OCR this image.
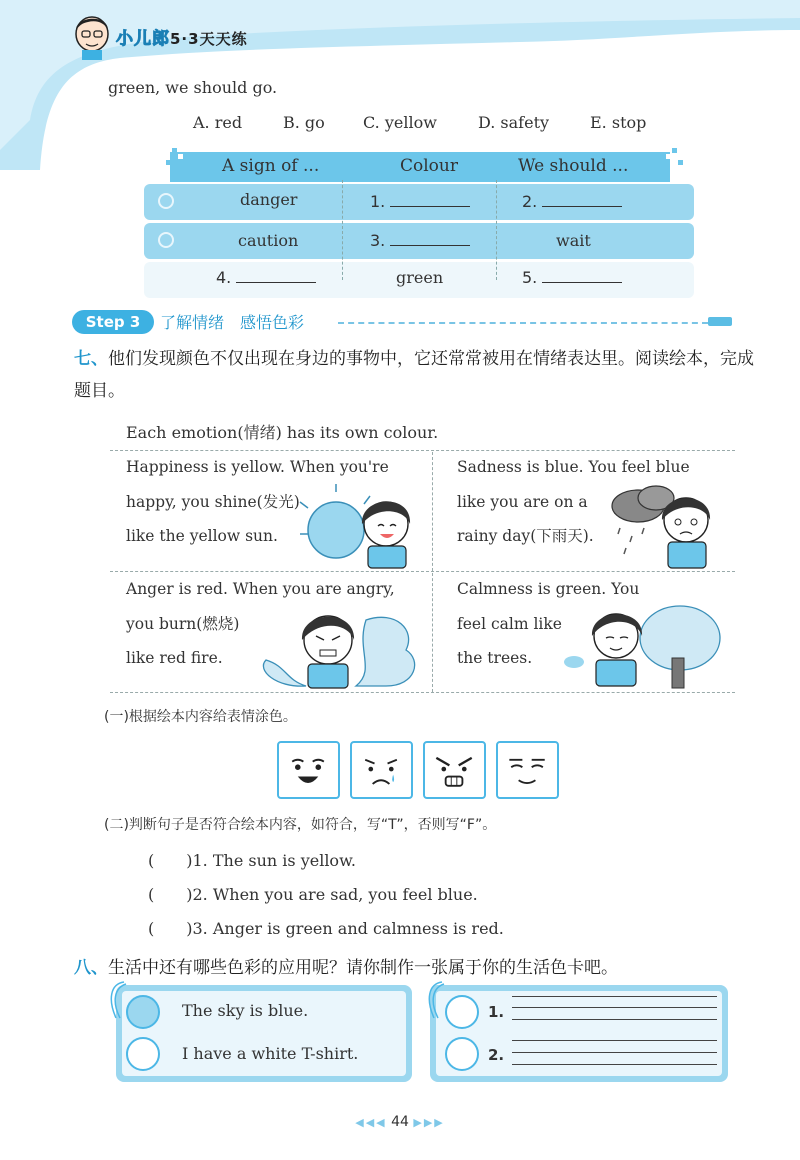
小儿郎5·3天天练
green, we should go.
A. red	B. go	C. yellow	D. safety	E. stop
A sign of ...	Colour	We should ...
danger	1.	2.
caution	3.	wait
4.	green	5.
Step 3	了解情绪　感悟色彩
七、他们发现颜色不仅出现在身边的事物中，它还常常被用在情绪表达里。阅读绘本，完成题目。
Each emotion(情绪) has its own colour.
Happiness is yellow. When you're
happy, you shine(发光)
like the yellow sun.
Sadness is blue. You feel blue
like you are on a
rainy day(下雨天).
Anger is red. When you are angry,
you burn(燃烧)
like red fire.
Calmness is green. You
feel calm like
the trees.
(一)根据绘本内容给表情涂色。
(二)判断句子是否符合绘本内容，如符合，写“T”，否则写“F”。
(　　)1. The sun is yellow.
(　　)2. When you are sad, you feel blue.
(　　)3. Anger is green and calmness is red.
八、生活中还有哪些色彩的应用呢？请你制作一张属于你的生活色卡吧。
The sky is blue.
I have a white T-shirt.
1.
2.
◀◀◀ 44 ▶▶▶
